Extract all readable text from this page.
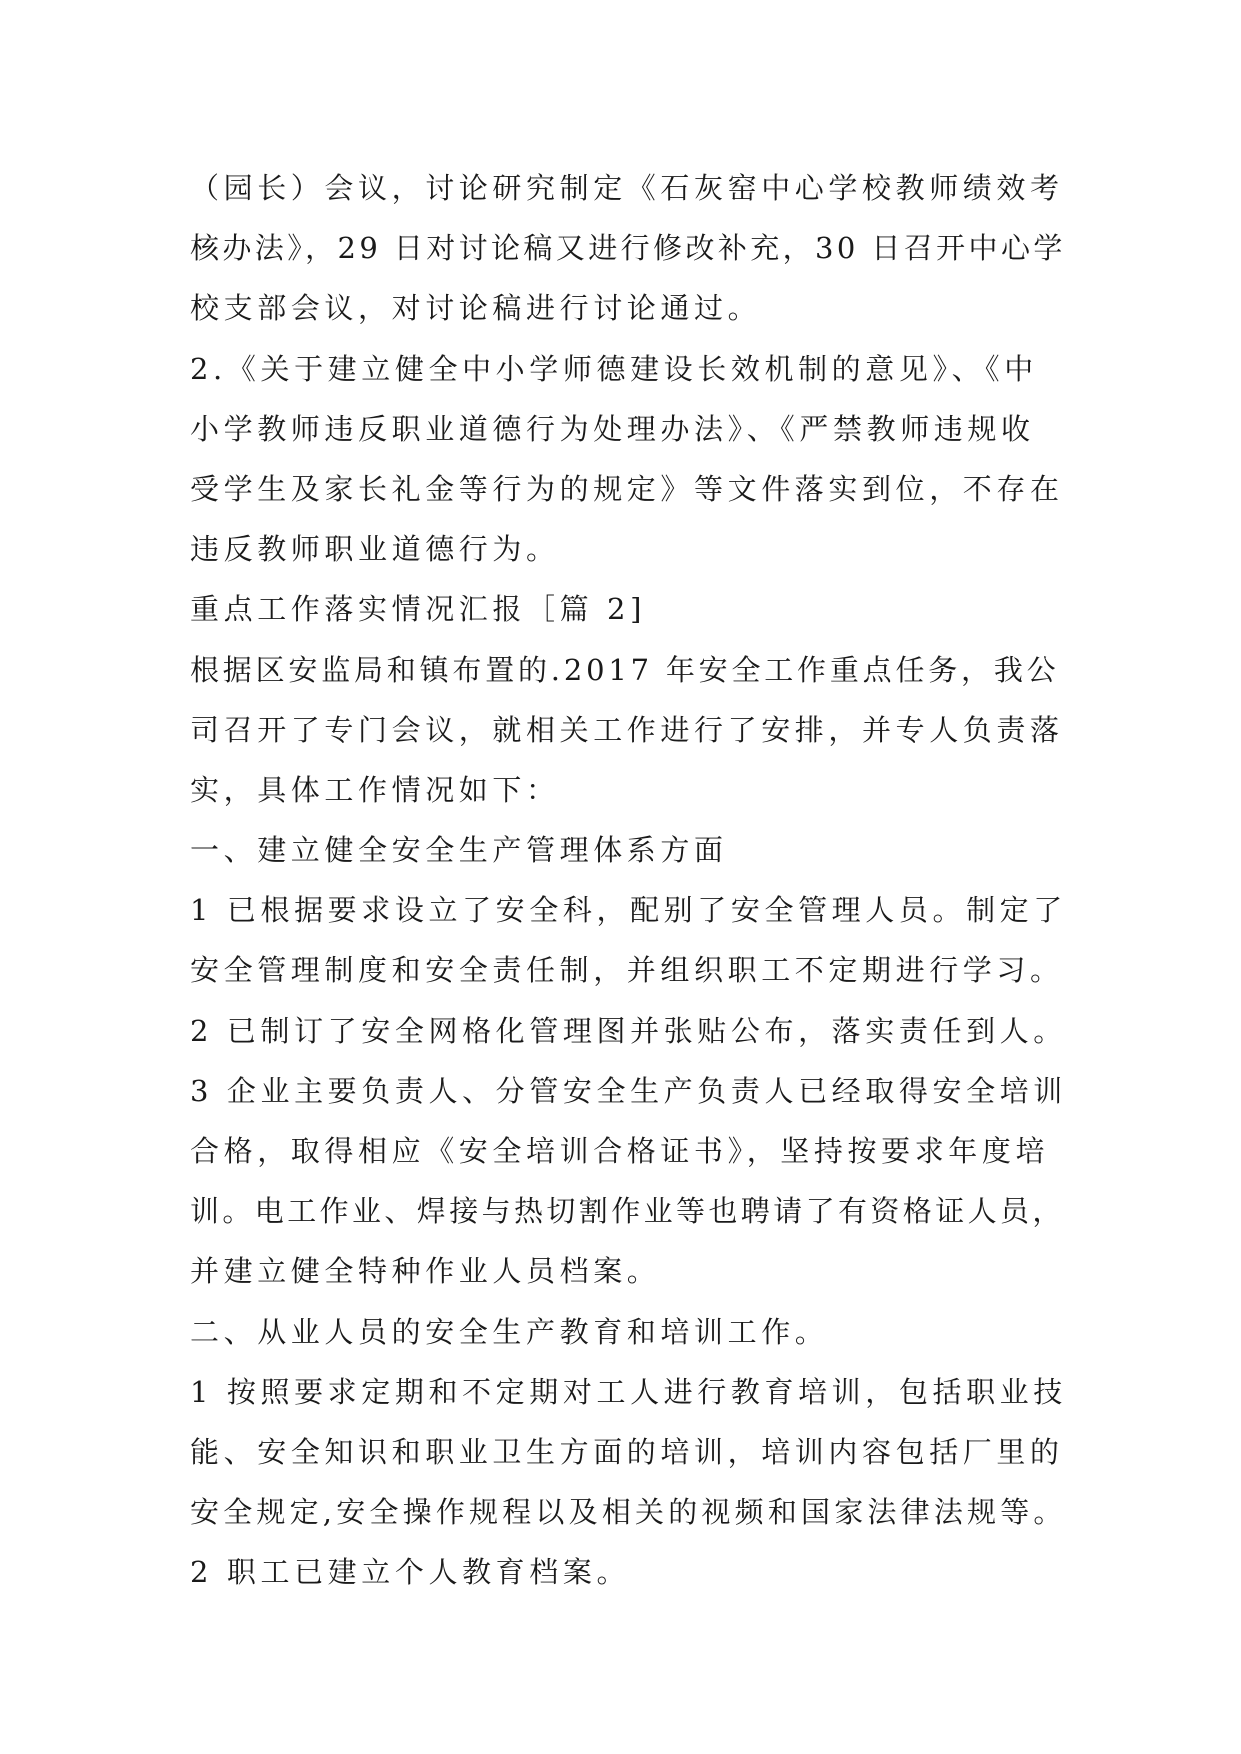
（园长）会议，讨论研究制定《石灰窑中心学校教师绩效考
核办法》，29 日对讨论稿又进行修改补充，30 日召开中心学
校支部会议，对讨论稿进行讨论通过。
2.《关于建立健全中小学师德建设长效机制的意见》、《中
小学教师违反职业道德行为处理办法》、《严禁教师违规收
受学生及家长礼金等行为的规定》等文件落实到位，不存在
违反教师职业道德行为。
重点工作落实情况汇报［篇 2]
根据区安监局和镇布置的.2017 年安全工作重点任务，我公
司召开了专门会议，就相关工作进行了安排，并专人负责落
实，具体工作情况如下：
一、建立健全安全生产管理体系方面
1 已根据要求设立了安全科，配别了安全管理人员。制定了
安全管理制度和安全责任制，并组织职工不定期进行学习。
2 已制订了安全网格化管理图并张贴公布，落实责任到人。
3 企业主要负责人、分管安全生产负责人已经取得安全培训
合格，取得相应《安全培训合格证书》，坚持按要求年度培
训。电工作业、焊接与热切割作业等也聘请了有资格证人员，
并建立健全特种作业人员档案。
二、从业人员的安全生产教育和培训工作。
1 按照要求定期和不定期对工人进行教育培训，包括职业技
能、安全知识和职业卫生方面的培训，培训内容包括厂里的
安全规定,安全操作规程以及相关的视频和国家法律法规等。
2 职工已建立个人教育档案。
